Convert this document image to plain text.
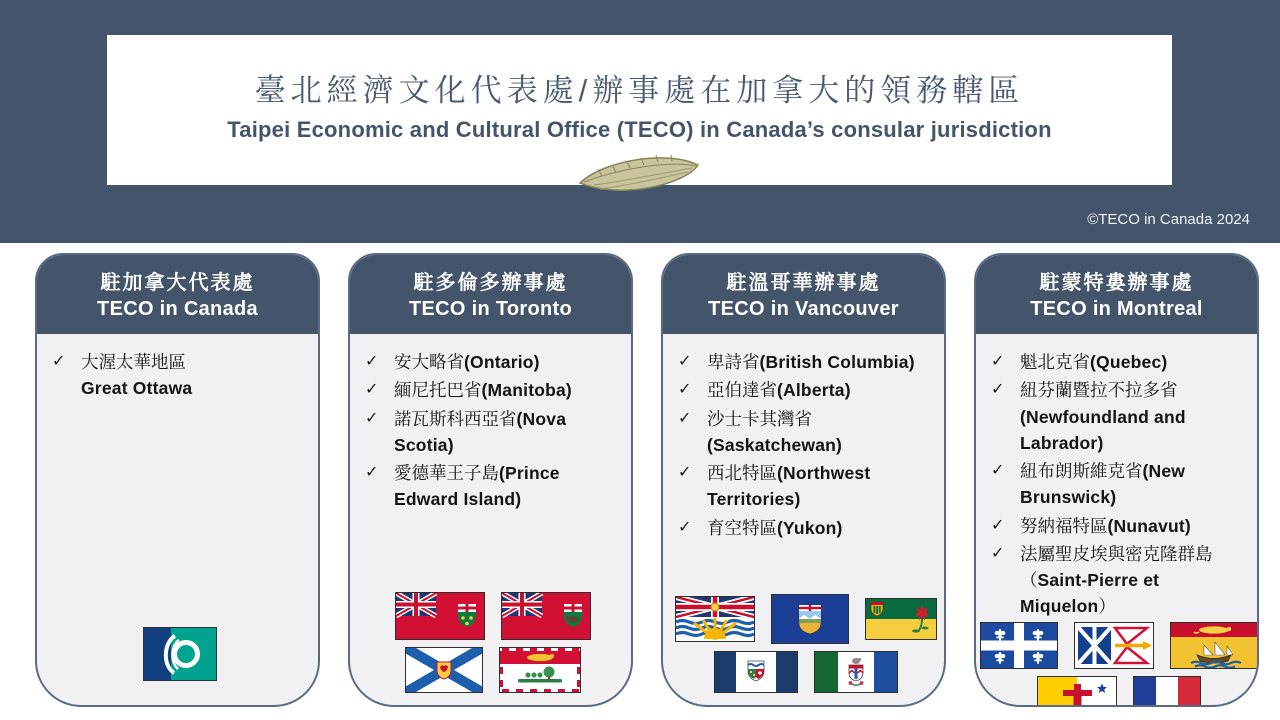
臺北經濟文化代表處/辦事處在加拿大的領務轄區
Taipei Economic and Cultural Office (TECO) in Canada’s consular jurisdiction
©TECO in Canada 2024
駐加拿大代表處
TECO in Canada
✓ 大渥太華地區
Great Ottawa
駐多倫多辦事處
TECO in Toronto
✓ 安大略省(Ontario)
✓ 緬尼托巴省(Manitoba)
✓ 諾瓦斯科西亞省(Nova Scotia)
✓ 愛德華王子島(Prince Edward Island)
駐溫哥華辦事處
TECO in Vancouver
✓ 卑詩省(British Columbia)
✓ 亞伯達省(Alberta)
✓ 沙士卡其灣省(Saskatchewan)
✓ 西北特區(Northwest Territories)
✓ 育空特區(Yukon)
駐蒙特婁辦事處
TECO in Montreal
✓ 魁北克省(Quebec)
✓ 紐芬蘭暨拉不拉多省(Newfoundland and Labrador)
✓ 紐布朗斯維克省(New Brunswick)
✓ 努納福特區(Nunavut)
✓ 法屬聖皮埃與密克隆群島（Saint-Pierre et Miquelon）
